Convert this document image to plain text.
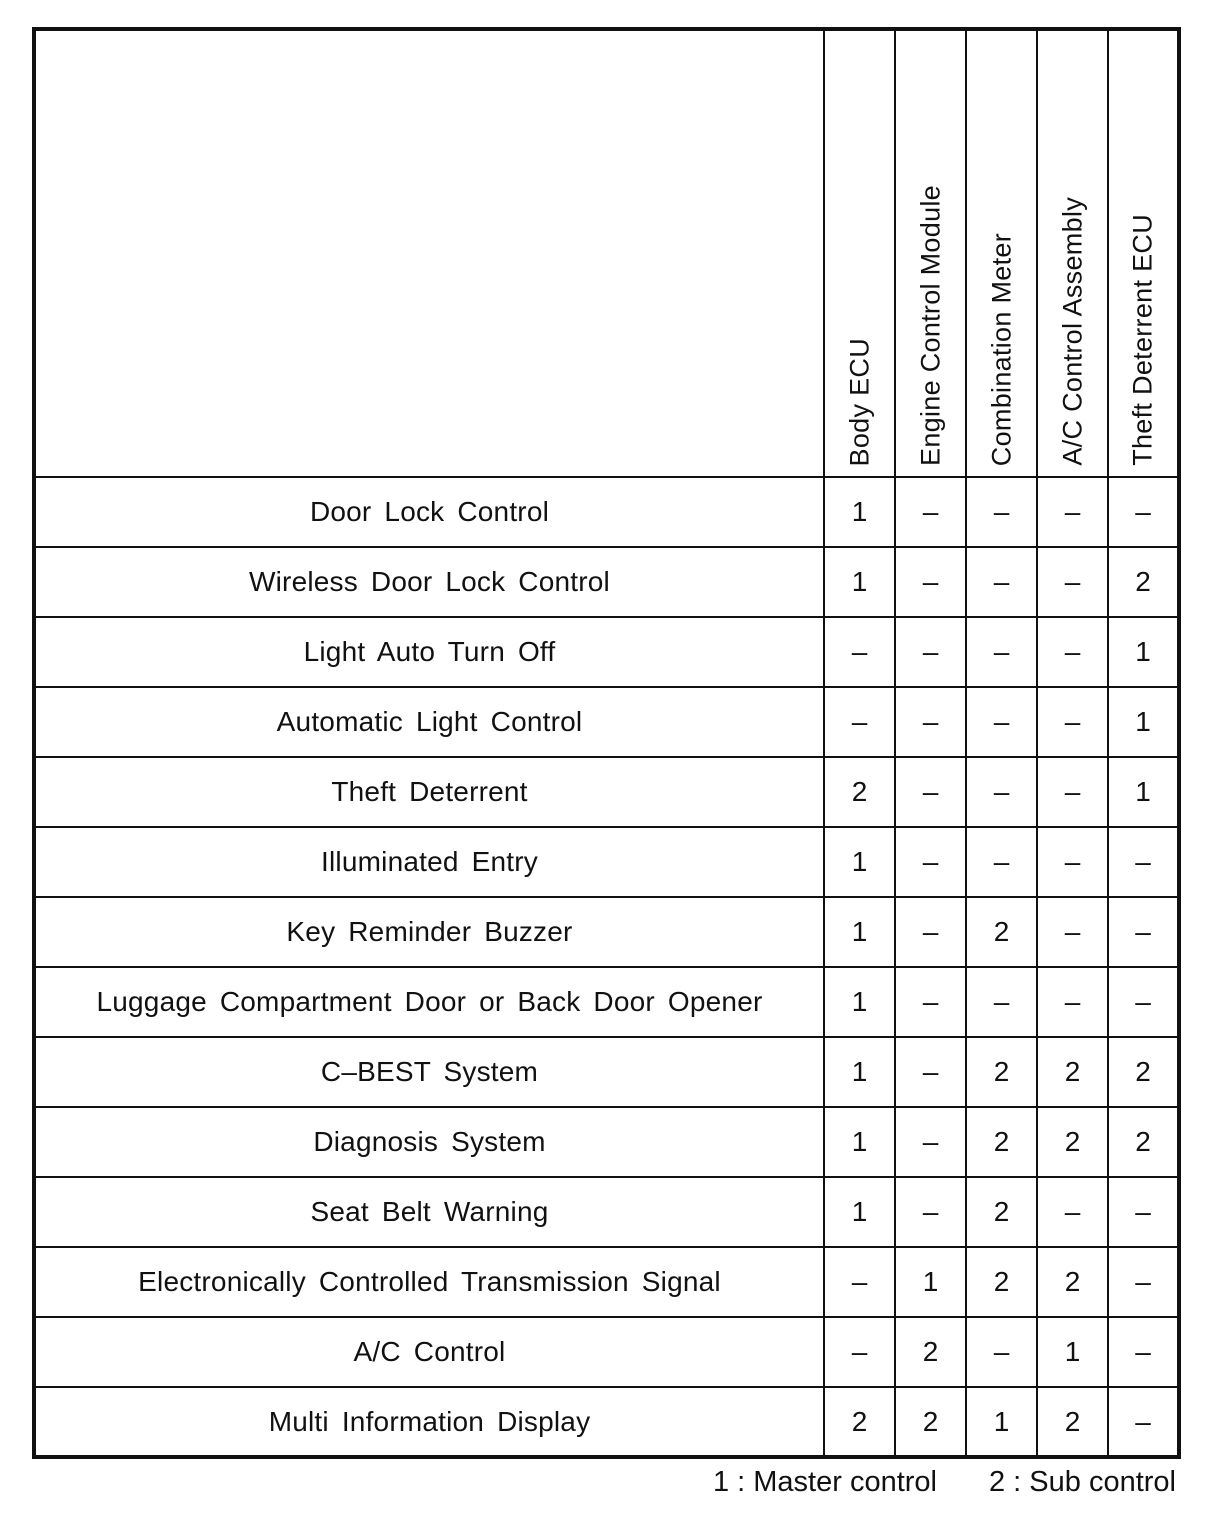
	Body ECU	Engine Control Module	Combination Meter	A/C Control Assembly	Theft Deterrent ECU

Door Lock Control	1	–	–	–	–
Wireless Door Lock Control	1	–	–	–	2
Light Auto Turn Off	–	–	–	–	1
Automatic Light Control	–	–	–	–	1
Theft Deterrent	2	–	–	–	1
Illuminated Entry	1	–	–	–	–
Key Reminder Buzzer	1	–	2	–	–
Luggage Compartment Door or Back Door Opener	1	–	–	–	–
C–BEST System	1	–	2	2	2
Diagnosis System	1	–	2	2	2
Seat Belt Warning	1	–	2	–	–
Electronically Controlled Transmission Signal	–	1	2	2	–
A/C Control	–	2	–	1	–
Multi Information Display	2	2	1	2	–
1 : Master control 2 : Sub control
